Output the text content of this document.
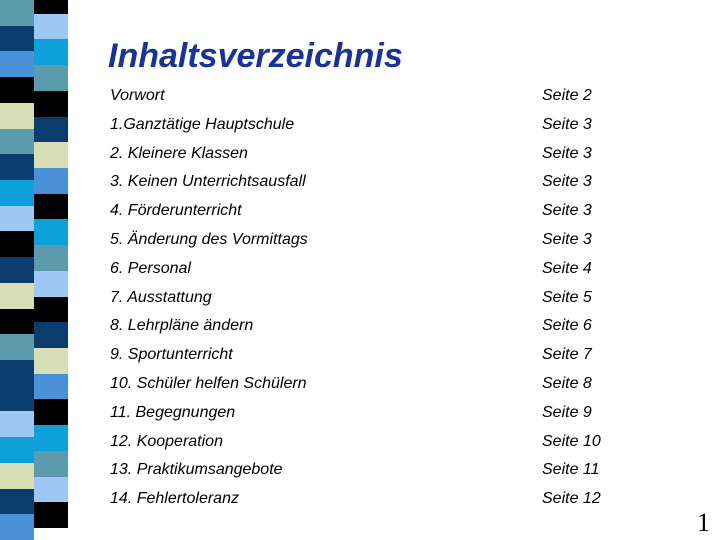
Inhaltsverzeichnis
Vorwort	Seite 2
1.Ganztätige Hauptschule	Seite 3
2. Kleinere Klassen	Seite 3
3. Keinen Unterrichtsausfall	Seite 3
4. Förderunterricht	Seite 3
5. Änderung des Vormittags	Seite 3
6. Personal	Seite 4
7. Ausstattung	Seite 5
8. Lehrpläne ändern	Seite 6
9. Sportunterricht	Seite 7
10. Schüler helfen Schülern	Seite 8
11. Begegnungen	Seite 9
12. Kooperation	Seite 10
13. Praktikumsangebote	Seite 11
14. Fehlertoleranz	Seite 12
1
